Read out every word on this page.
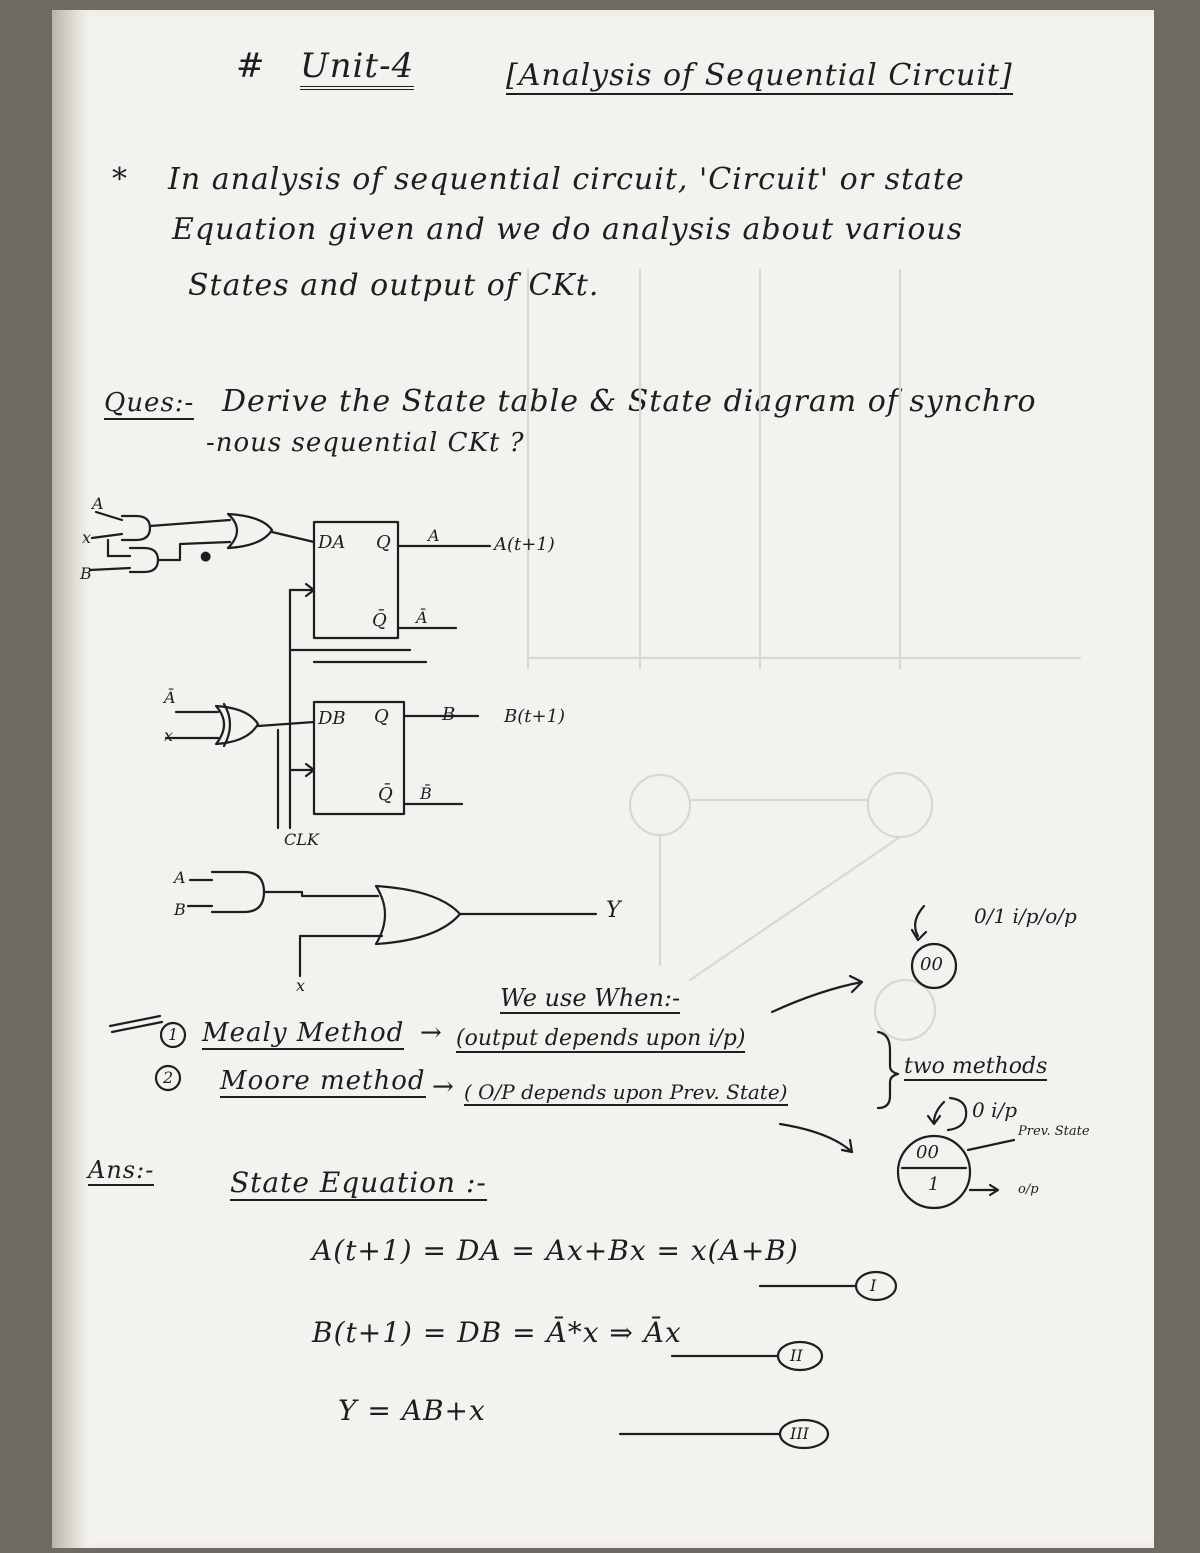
# Unit-4	[Analysis of Sequential Circuit]
* In analysis of sequential circuit, 'Circuit' or state
Equation given and we do analysis about various
States and output of CKt.
Ques:- Derive the State table & State diagram of synchro
-nous sequential CKt ?
●
A
x
B
DA Q
Q̄
A
Ā
A(t+1)
Ā
x
DB Q
Q̄
B
B̄
B(t+1)
CLK
A
B
x
Y
We use When:-
1 Mealy Method → (output depends upon i/p)
2 Moore method → ( O/P depends upon Prev. State)
two methods
0/1 i/p/o/p
00
0 i/p
00
1
Prev. State
o/p
Ans:-	State Equation :-
A(t+1) = DA = Ax+Bx = x(A+B)
I
B(t+1) = DB = Ā*x ⇒ Āx
II
Y = AB+x
III
